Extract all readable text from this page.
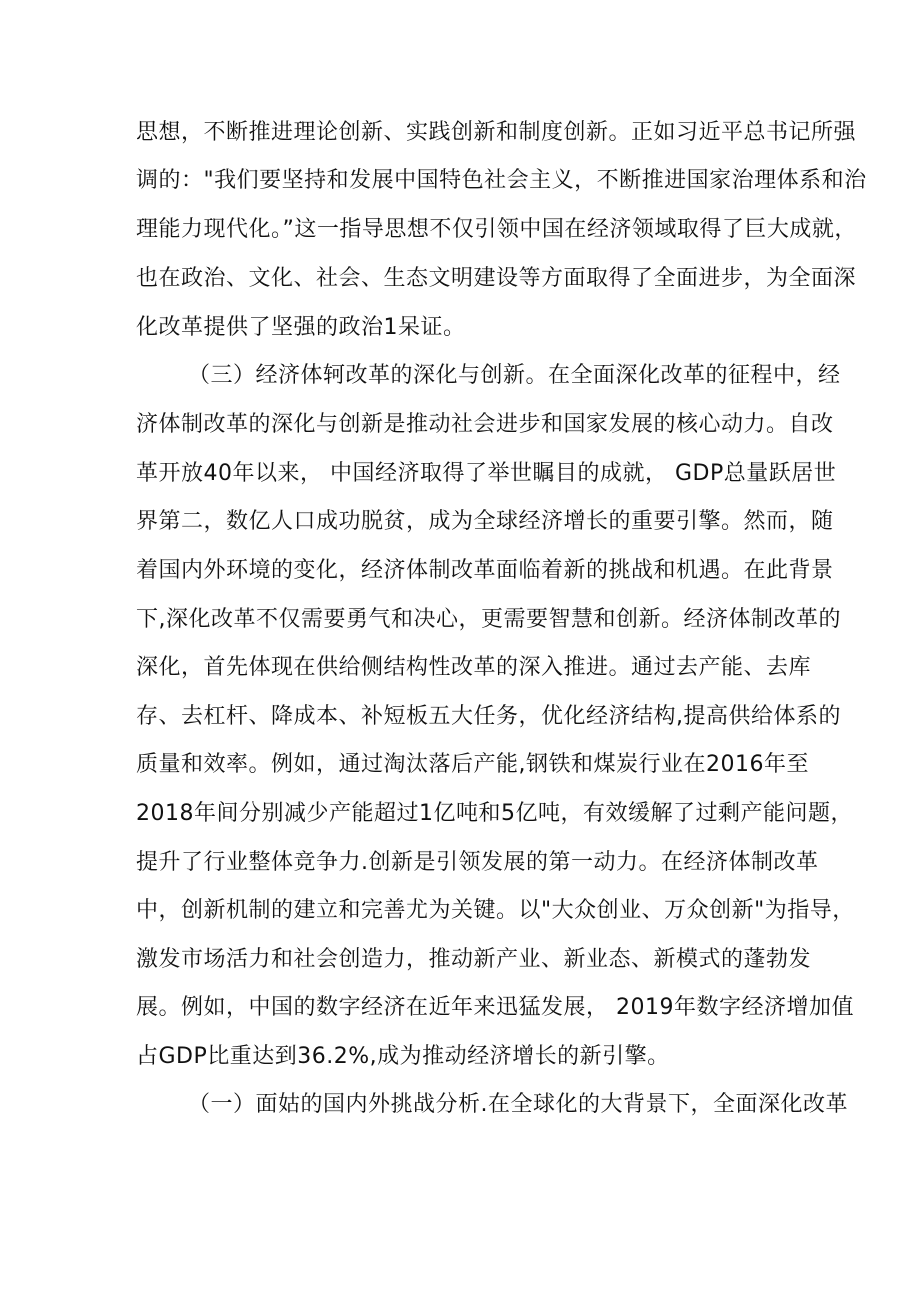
思想，不断推进理论创新、实践创新和制度创新。正如习近平总书记所强
调的："我们要坚持和发展中国特色社会主义，不断推进国家治理体系和治
理能力现代化。”这一指导思想不仅引领中国在经济领域取得了巨大成就，
也在政治、文化、社会、生态文明建设等方面取得了全面进步，为全面深
化改革提供了坚强的政治1呆证。
（三）经济体轲改革的深化与创新。在全面深化改革的征程中，经
济体制改革的深化与创新是推动社会进步和国家发展的核心动力。自改
革开放40年以来， 中国经济取得了举世瞩目的成就， GDP总量跃居世
界第二，数亿人口成功脱贫，成为全球经济增长的重要引擎。然而，随
着国内外环境的变化，经济体制改革面临着新的挑战和机遇。在此背景
下,深化改革不仅需要勇气和决心，更需要智慧和创新。经济体制改革的
深化，首先体现在供给侧结构性改革的深入推进。通过去产能、去库
存、去杠杆、降成本、补短板五大任务，优化经济结构,提高供给体系的
质量和效率。例如，通过淘汰落后产能,钢铁和煤炭行业在2016年至
2018年间分别减少产能超过1亿吨和5亿吨，有效缓解了过剩产能问题，
提升了行业整体竞争力.创新是引领发展的第一动力。在经济体制改革
中，创新机制的建立和完善尤为关键。以"大众创业、万众创新"为指导，
激发市场活力和社会创造力，推动新产业、新业态、新模式的蓬勃发
展。例如，中国的数字经济在近年来迅猛发展， 2019年数字经济增加值
占GDP比重达到36.2%,成为推动经济增长的新引擎。
（一）面姑的国内外挑战分析.在全球化的大背景下，全面深化改革
